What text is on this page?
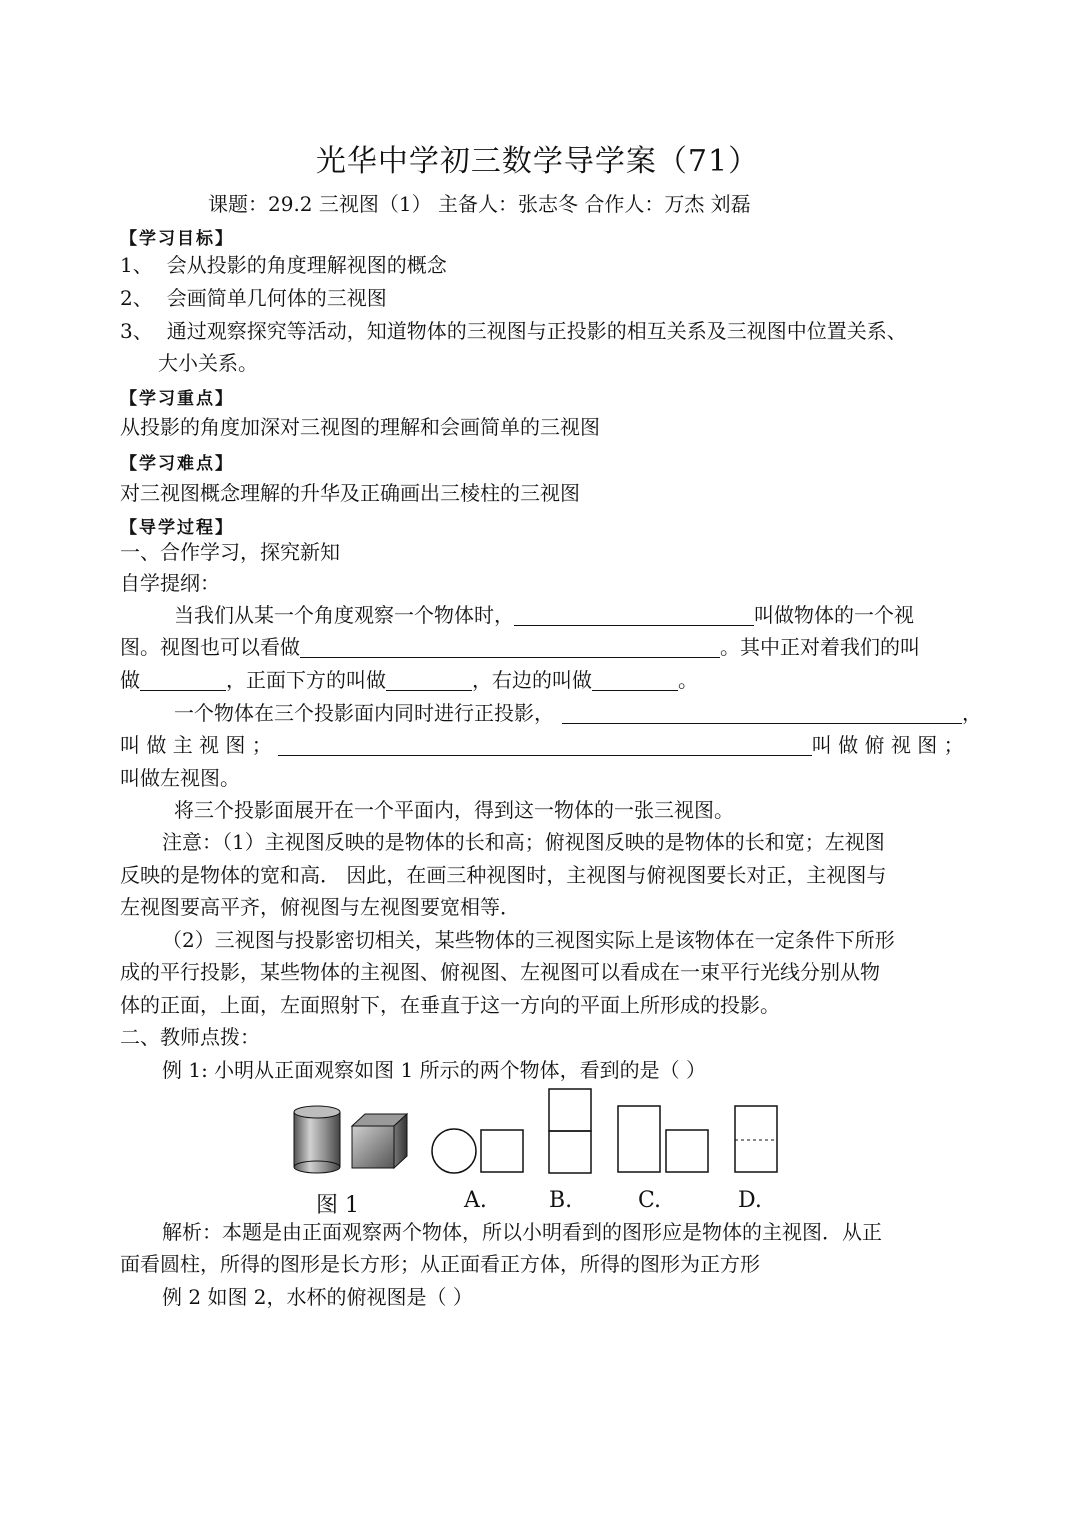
光华中学初三数学导学案（71）
课题：29.2 三视图（1） 主备人：张志冬 合作人：万杰 刘磊
【学习目标】
1、 会从投影的角度理解视图的概念
2、 会画简单几何体的三视图
3、 通过观察探究等活动，知道物体的三视图与正投影的相互关系及三视图中位置关系、
大小关系。
【学习重点】
从投影的角度加深对三视图的理解和会画简单的三视图
【学习难点】
对三视图概念理解的升华及正确画出三棱柱的三视图
【导学过程】
一、合作学习，探究新知
自学提纲：
当我们从某一个角度观察一个物体时，	叫做物体的一个视
图。视图也可以看做	。其中正对着我们的叫
做	，正面下方的叫做	，右边的叫做	。
一个物体在三个投影面内同时进行正投影，	，
叫 做 主 视 图 ；	叫 做 俯 视 图 ；
叫做左视图。
将三个投影面展开在一个平面内，得到这一物体的一张三视图。
注意：（1）主视图反映的是物体的长和高；俯视图反映的是物体的长和宽；左视图
反映的是物体的宽和高． 因此，在画三种视图时，主视图与俯视图要长对正，主视图与
左视图要高平齐，俯视图与左视图要宽相等．
（2）三视图与投影密切相关，某些物体的三视图实际上是该物体在一定条件下所形
成的平行投影，某些物体的主视图、俯视图、左视图可以看成在一束平行光线分别从物
体的正面，上面，左面照射下，在垂直于这一方向的平面上所形成的投影。
二、教师点拨：
例 1: 小明从正面观察如图 1 所示的两个物体，看到的是（ ）
图 1	A.	B.	C.	D.
解析：本题是由正面观察两个物体，所以小明看到的图形应是物体的主视图．从正
面看圆柱，所得的图形是长方形；从正面看正方体，所得的图形为正方形
例 2 如图 2，水杯的俯视图是（ ）
